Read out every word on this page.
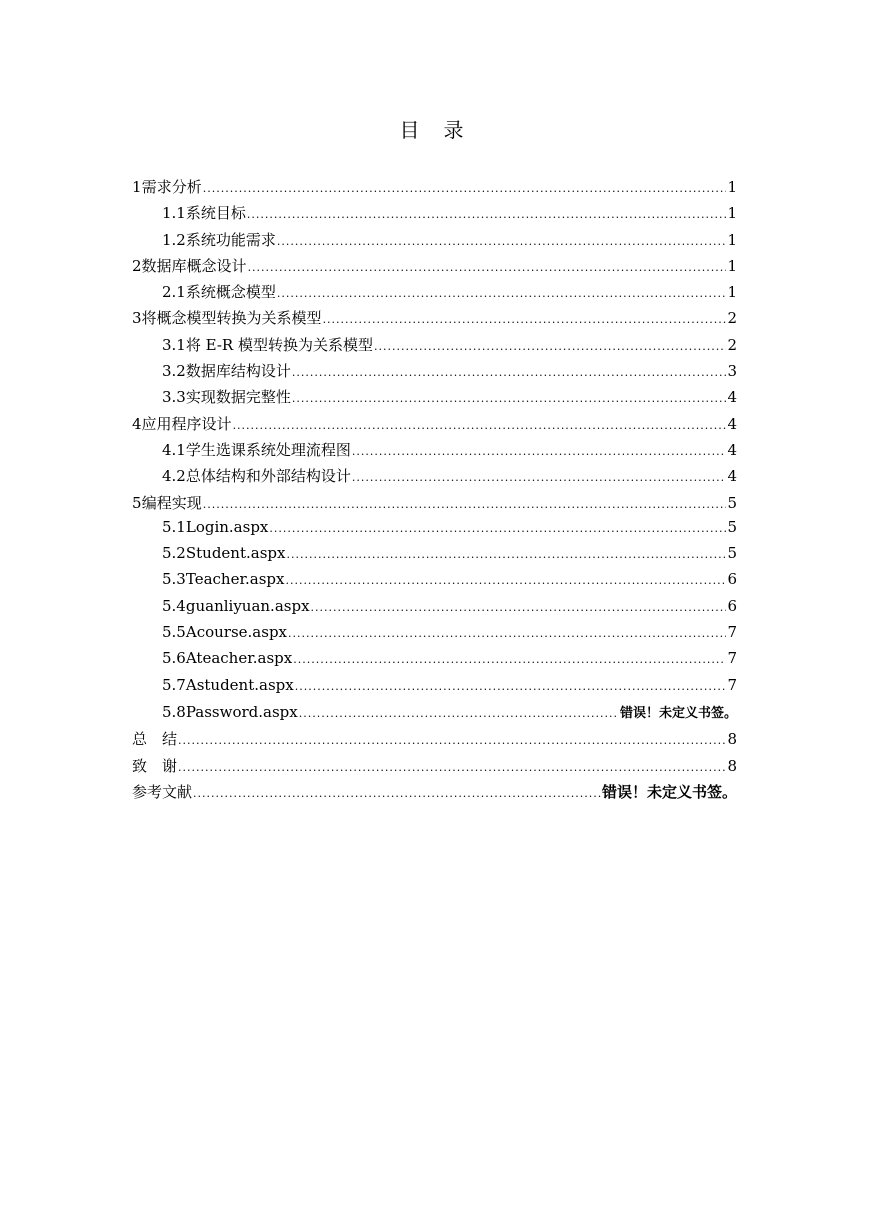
目 录
1 需求分析 .....	1
1.1 系统目标 .....	1
1.2 系统功能需求 .....	1
2 数据库概念设计 .....	1
2.1 系统概念模型 .....	1
3 将概念模型转换为关系模型 .....	2
3.1 将 E-R 模型转换为关系模型 .....	2
3.2 数据库结构设计 .....	3
3.3 实现数据完整性 .....	4
4 应用程序设计 .....	4
4.1 学生选课系统处理流程图 .....	4
4.2 总体结构和外部结构设计 .....	4
5 编程实现 .....	5
5.1 Login.aspx .....	5
5.2 Student.aspx .....	5
5.3 Teacher.aspx .....	6
5.4 guanliyuan.aspx .....	6
5.5 Acourse.aspx .....	7
5.6 Ateacher.aspx .....	7
5.7 Astudent.aspx .....	7
5.8 Password.aspx .....	错误！未定义书签。
总　结 .....	8
致　谢 .....	8
参考文献 .....	错误！未定义书签。
